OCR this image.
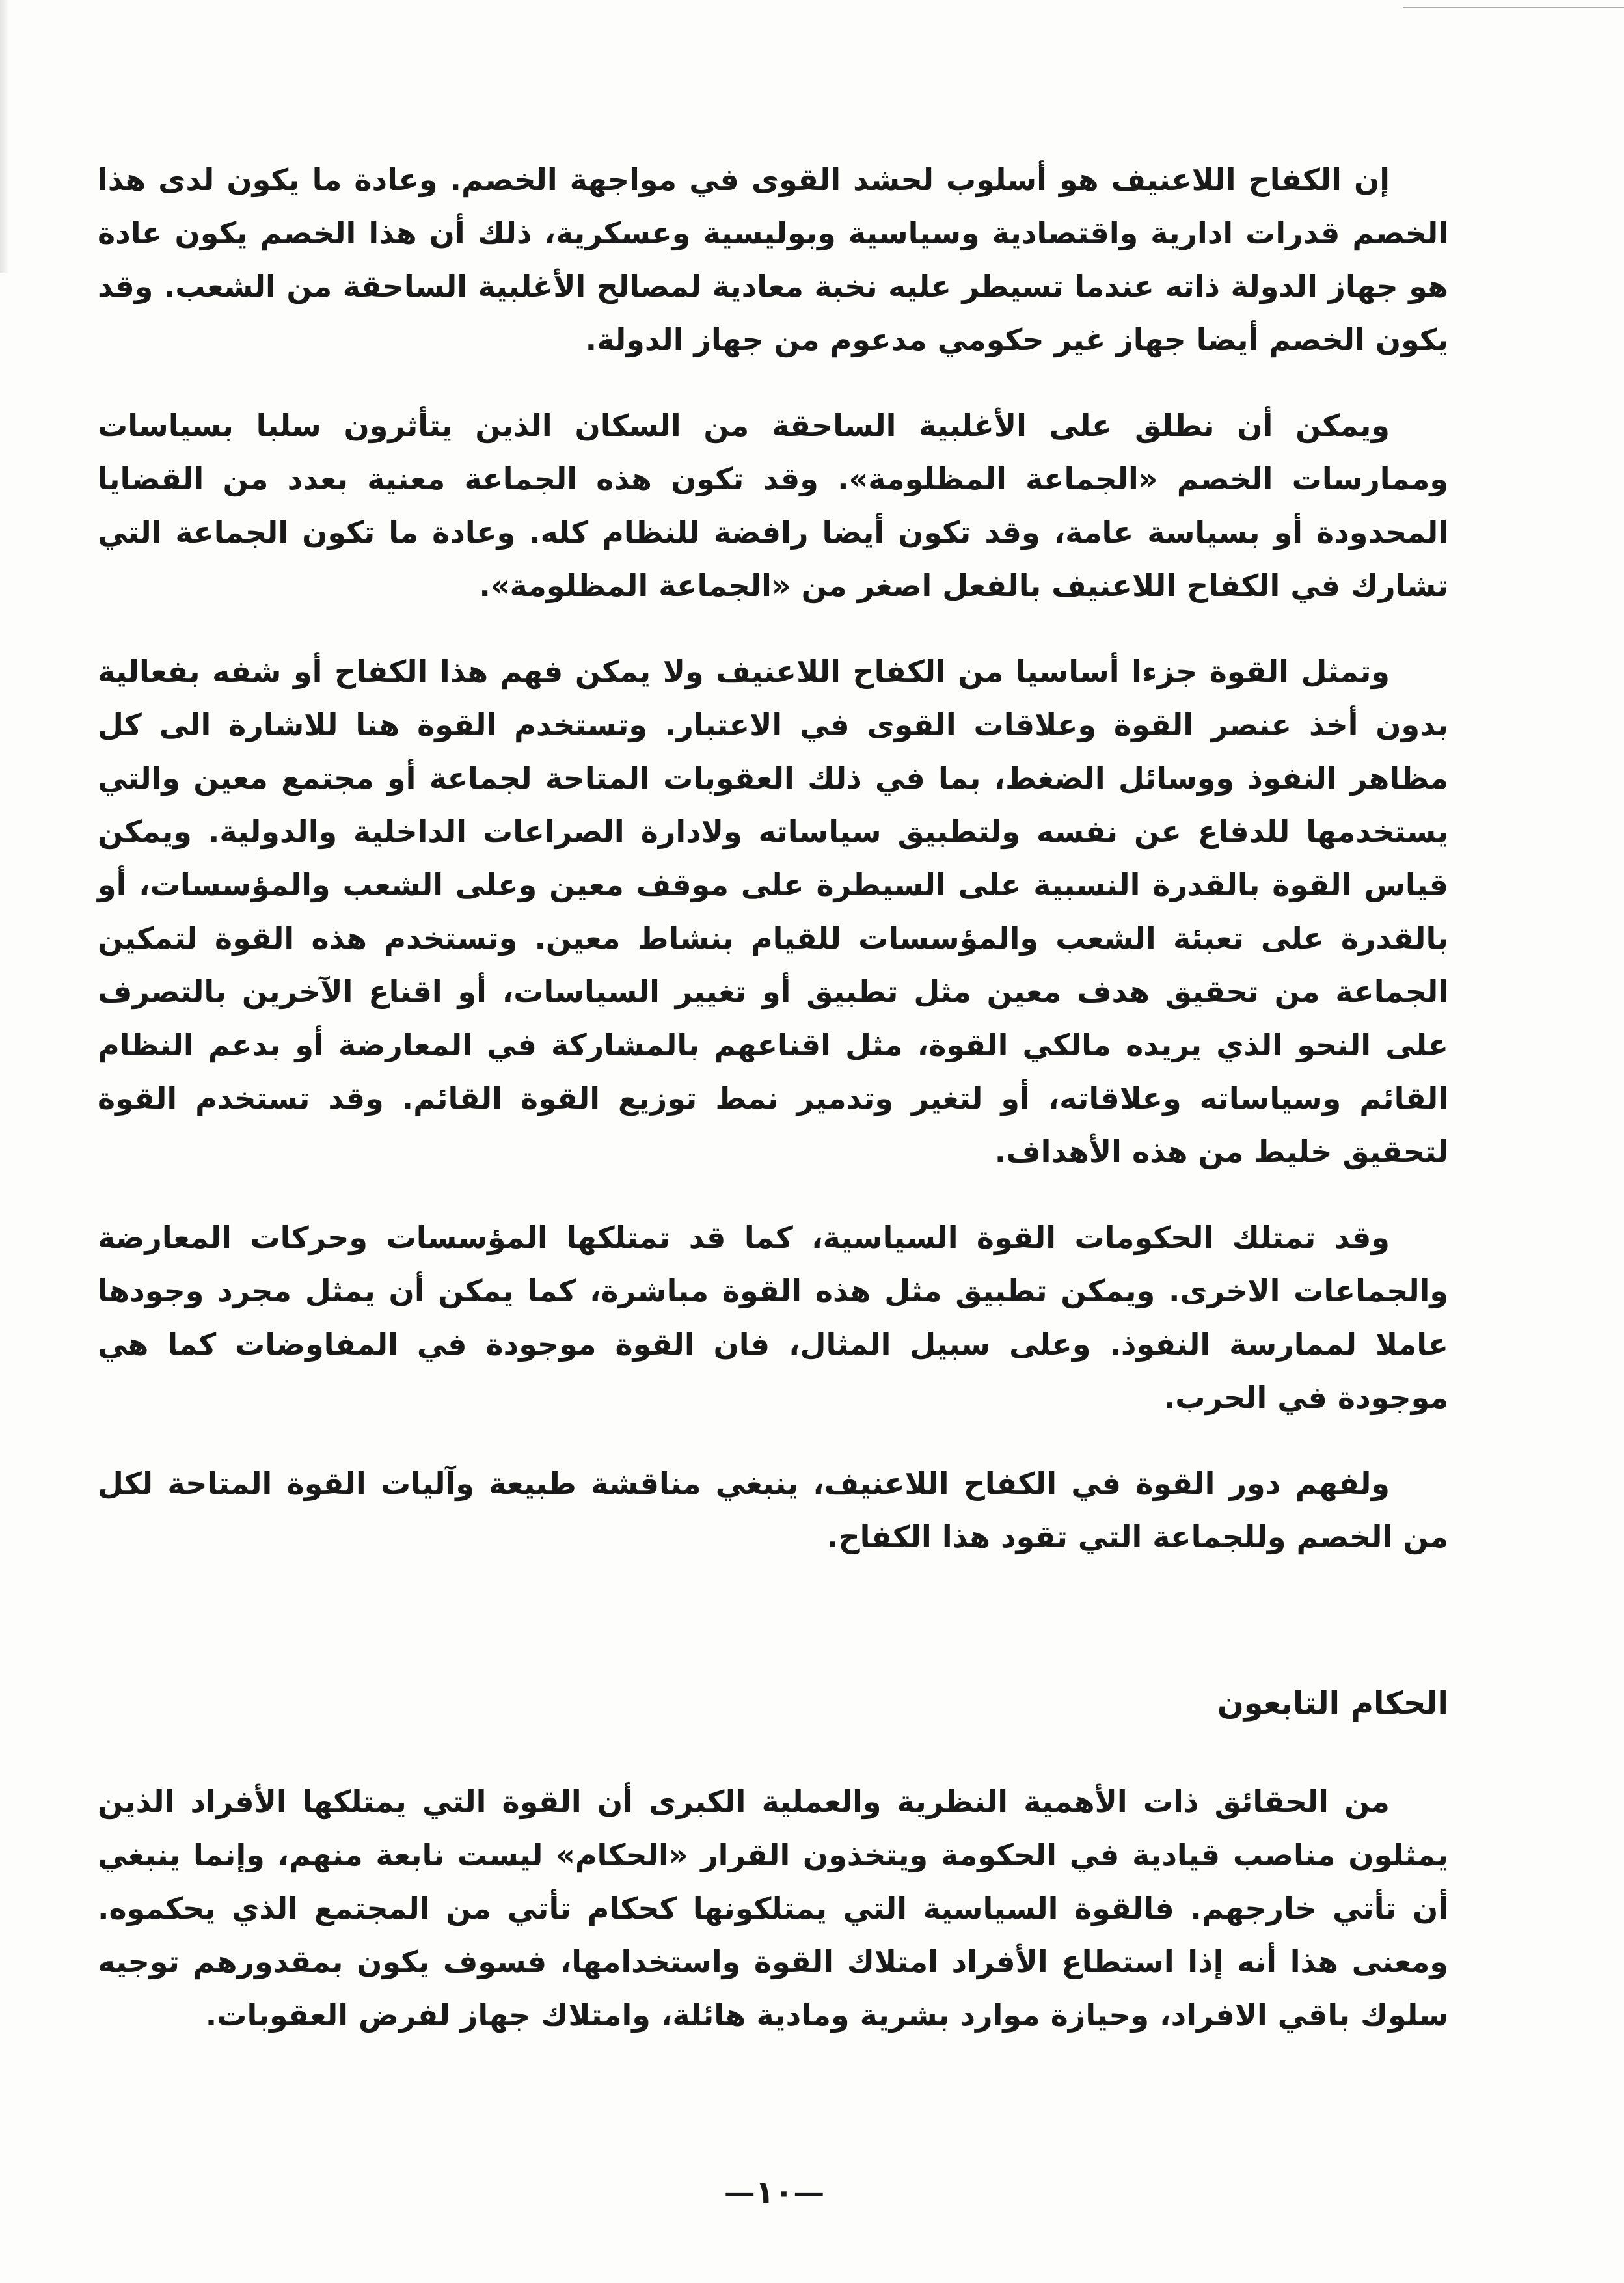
إن الكفاح اللاعنيف هو أسلوب لحشد القوى في مواجهة الخصم. وعادة ما يكون لدى هذا الخصم قدرات ادارية واقتصادية وسياسية وبوليسية وعسكرية، ذلك أن هذا الخصم يكون عادة هو جهاز الدولة ذاته عندما تسيطر عليه نخبة معادية لمصالح الأغلبية الساحقة من الشعب. وقد يكون الخصم أيضا جهاز غير حكومي مدعوم من جهاز الدولة.

ويمكن أن نطلق على الأغلبية الساحقة من السكان الذين يتأثرون سلبا بسياسات وممارسات الخصم «الجماعة المظلومة». وقد تكون هذه الجماعة معنية بعدد من القضايا المحدودة أو بسياسة عامة، وقد تكون أيضا رافضة للنظام كله. وعادة ما تكون الجماعة التي تشارك في الكفاح اللاعنيف بالفعل اصغر من «الجماعة المظلومة».

وتمثل القوة جزءا أساسيا من الكفاح اللاعنيف ولا يمكن فهم هذا الكفاح أو شفه بفعالية بدون أخذ عنصر القوة وعلاقات القوى في الاعتبار. وتستخدم القوة هنا للاشارة الى كل مظاهر النفوذ ووسائل الضغط، بما في ذلك العقوبات المتاحة لجماعة أو مجتمع معين والتي يستخدمها للدفاع عن نفسه ولتطبيق سياساته ولادارة الصراعات الداخلية والدولية. ويمكن قياس القوة بالقدرة النسبية على السيطرة على موقف معين وعلى الشعب والمؤسسات، أو بالقدرة على تعبئة الشعب والمؤسسات للقيام بنشاط معين. وتستخدم هذه القوة لتمكين الجماعة من تحقيق هدف معين مثل تطبيق أو تغيير السياسات، أو اقناع الآخرين بالتصرف على النحو الذي يريده مالكي القوة، مثل اقناعهم بالمشاركة في المعارضة أو بدعم النظام القائم وسياساته وعلاقاته، أو لتغير وتدمير نمط توزيع القوة القائم. وقد تستخدم القوة لتحقيق خليط من هذه الأهداف.

وقد تمتلك الحكومات القوة السياسية، كما قد تمتلكها المؤسسات وحركات المعارضة والجماعات الاخرى. ويمكن تطبيق مثل هذه القوة مباشرة، كما يمكن أن يمثل مجرد وجودها عاملا لممارسة النفوذ. وعلى سبيل المثال، فان القوة موجودة في المفاوضات كما هي موجودة في الحرب.

ولفهم دور القوة في الكفاح اللاعنيف، ينبغي مناقشة طبيعة وآليات القوة المتاحة لكل من الخصم وللجماعة التي تقود هذا الكفاح.

الحكام التابعون

من الحقائق ذات الأهمية النظرية والعملية الكبرى أن القوة التي يمتلكها الأفراد الذين يمثلون مناصب قيادية في الحكومة ويتخذون القرار «الحكام» ليست نابعة منهم، وإنما ينبغي أن تأتي خارجهم. فالقوة السياسية التي يمتلكونها كحكام تأتي من المجتمع الذي يحكموه. ومعنى هذا أنه إذا استطاع الأفراد امتلاك القوة واستخدامها، فسوف يكون بمقدورهم توجيه سلوك باقي الافراد، وحيازة موارد بشرية ومادية هائلة، وامتلاك جهاز لفرض العقوبات.

—١٠—
